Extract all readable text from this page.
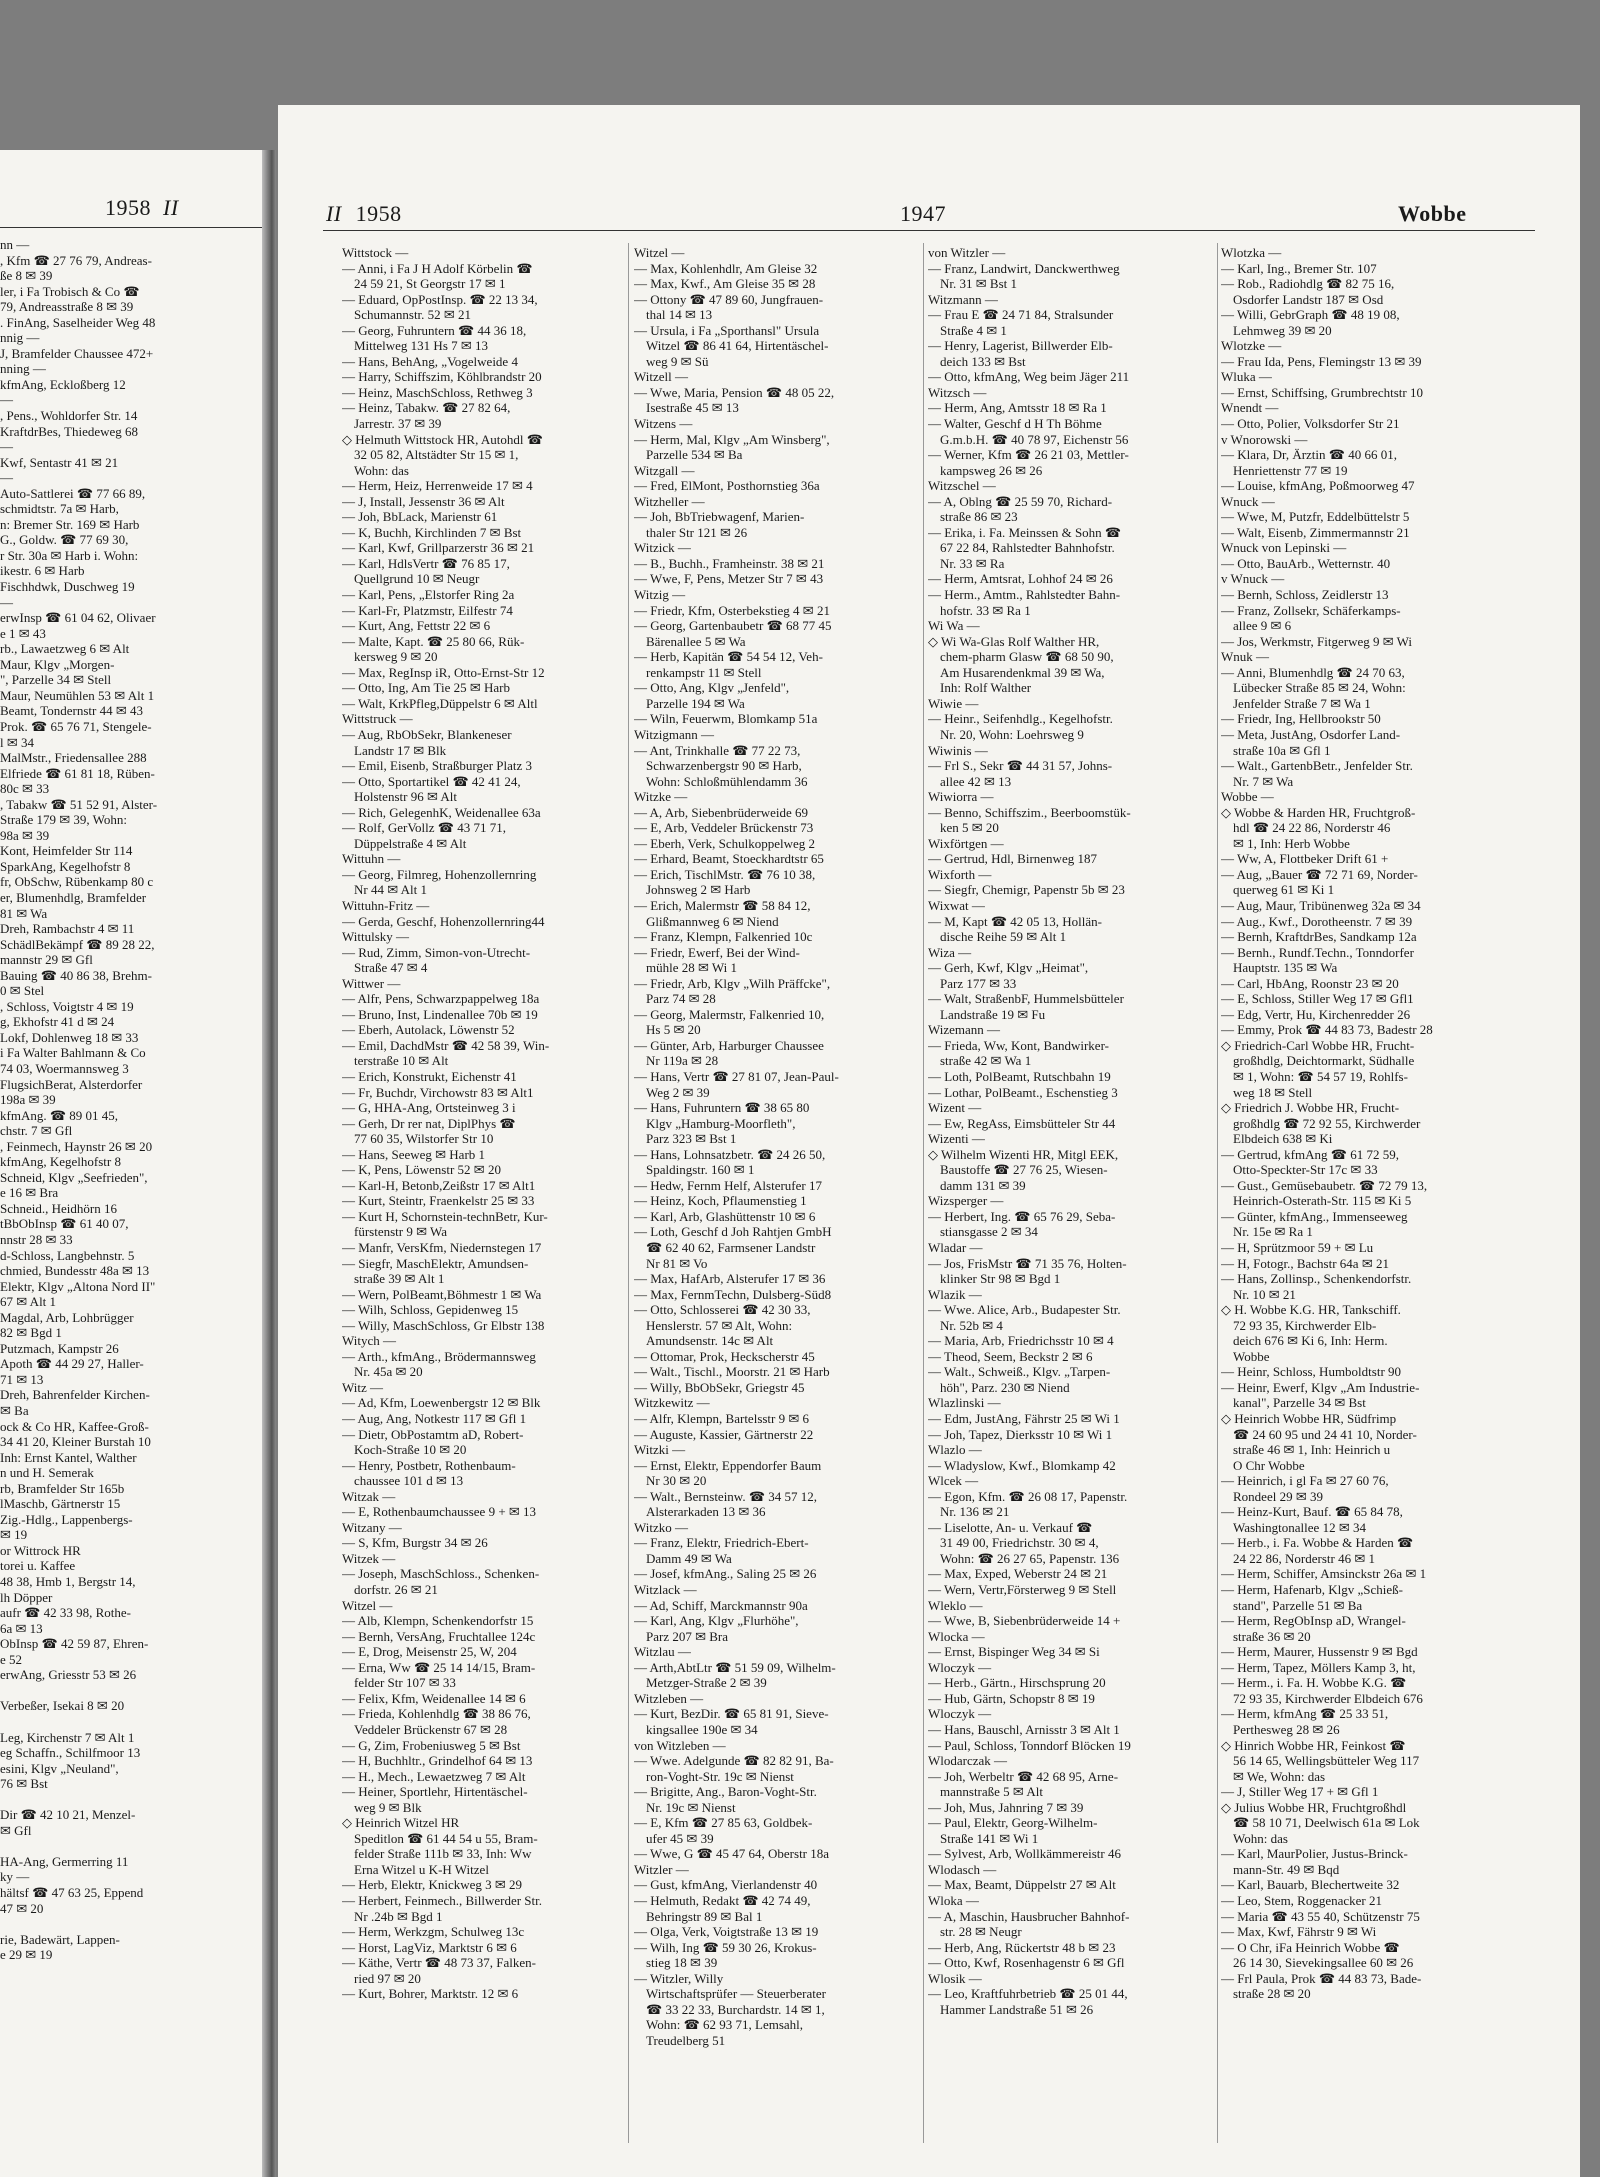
1958 II
nn —
, Kfm ☎ 27 76 79, Andreas-
ße 8 ✉ 39
ler, i Fa Trobisch & Co ☎
79, Andreasstraße 8 ✉ 39
. FinAng, Saselheider Weg 48
nnig —
J, Bramfelder Chaussee 472+
nning —
kfmAng, Eckloßberg 12
—
, Pens., Wohldorfer Str. 14
KraftdrBes, Thiedeweg 68
—
Kwf, Sentastr 41 ✉ 21
—
Auto-Sattlerei ☎ 77 66 89,
schmidtstr. 7a ✉ Harb,
n: Bremer Str. 169 ✉ Harb
G., Goldw. ☎ 77 69 30,
r Str. 30a ✉ Harb i. Wohn:
ikestr. 6 ✉ Harb
Fischhdwk, Duschweg 19
—
erwInsp ☎ 61 04 62, Olivaer
e 1 ✉ 43
rb., Lawaetzweg 6 ✉ Alt
Maur, Klgv „Morgen-
", Parzelle 34 ✉ Stell
Maur, Neumühlen 53 ✉ Alt 1
Beamt, Tondernstr 44 ✉ 43
Prok. ☎ 65 76 71, Stengele-
l ✉ 34
MalMstr., Friedensallee 288
Elfriede ☎ 61 81 18, Rüben-
80c ✉ 33
, Tabakw ☎ 51 52 91, Alster-
Straße 179 ✉ 39, Wohn:
98a ✉ 39
Kont, Heimfelder Str 114
SparkAng, Kegelhofstr 8
fr, ObSchw, Rübenkamp 80 c
er, Blumenhdlg, Bramfelder
81 ✉ Wa
Dreh, Rambachstr 4 ✉ 11
SchädlBekämpf ☎ 89 28 22,
mannstr 29 ✉ Gfl
Bauing ☎ 40 86 38, Brehm-
0 ✉ Stel
, Schloss, Voigtstr 4 ✉ 19
g, Ekhofstr 41 d ✉ 24
Lokf, Dohlenweg 18 ✉ 33
i Fa Walter Bahlmann & Co
74 03, Woermannsweg 3
FlugsichBerat, Alsterdorfer
198a ✉ 39
kfmAng. ☎ 89 01 45,
chstr. 7 ✉ Gfl
, Feinmech, Haynstr 26 ✉ 20
kfmAng, Kegelhofstr 8
Schneid, Klgv „Seefrieden",
e 16 ✉ Bra
Schneid., Heidhörn 16
tBbObInsp ☎ 61 40 07,
nnstr 28 ✉ 33
d-Schloss, Langbehnstr. 5
chmied, Bundesstr 48a ✉ 13
Elektr, Klgv „Altona Nord II"
67 ✉ Alt 1
Magdal, Arb, Lohbrügger
82 ✉ Bgd 1
Putzmach, Kampstr 26
Apoth ☎ 44 29 27, Haller-
71 ✉ 13
Dreh, Bahrenfelder Kirchen-
✉ Ba
ock & Co HR, Kaffee-Groß-
34 41 20, Kleiner Burstah 10
Inh: Ernst Kantel, Walther
n und H. Semerak
rb, Bramfelder Str 165b
lMaschb, Gärtnerstr 15
Zig.-Hdlg., Lappenbergs-
✉ 19
or Wittrock HR
torei u. Kaffee
48 38, Hmb 1, Bergstr 14,
lh Döpper
aufr ☎ 42 33 98, Rothe-
6a ✉ 13
ObInsp ☎ 42 59 87, Ehren-
e 52
erwAng, Griesstr 53 ✉ 26

Verbeßer, Isekai 8 ✉ 20

Leg, Kirchenstr 7 ✉ Alt 1
eg Schaffn., Schilfmoor 13
esini, Klgv „Neuland",
76 ✉ Bst

Dir ☎ 42 10 21, Menzel-
✉ Gfl

HA-Ang, Germerring 11
ky —
hältsf ☎ 47 63 25, Eppend
47 ✉ 20

rie, Badewärt, Lappen-
e 29 ✉ 19
II 1958	1947	Wobbe
Wittstock —
— Anni, i Fa J H Adolf Körbelin ☎
24 59 21, St Georgstr 17 ✉ 1
— Eduard, OpPostInsp. ☎ 22 13 34,
Schumannstr. 52 ✉ 21
— Georg, Fuhruntern ☎ 44 36 18,
Mittelweg 131 Hs 7 ✉ 13
— Hans, BehAng, „Vogelweide 4
— Harry, Schiffszim, Köhlbrandstr 20
— Heinz, MaschSchloss, Rethweg 3
— Heinz, Tabakw. ☎ 27 82 64,
Jarrestr. 37 ✉ 39
◇ Helmuth Wittstock HR, Autohdl ☎
32 05 82, Altstädter Str 15 ✉ 1,
Wohn: das
— Herm, Heiz, Herrenweide 17 ✉ 4
— J, Install, Jessenstr 36 ✉ Alt
— Joh, BbLack, Marienstr 61
— K, Buchh, Kirchlinden 7 ✉ Bst
— Karl, Kwf, Grillparzerstr 36 ✉ 21
— Karl, HdlsVertr ☎ 76 85 17,
Quellgrund 10 ✉ Neugr
— Karl, Pens, „Elstorfer Ring 2a
— Karl-Fr, Platzmstr, Eilfestr 74
— Kurt, Ang, Fettstr 22 ✉ 6
— Malte, Kapt. ☎ 25 80 66, Rük-
kersweg 9 ✉ 20
— Max, RegInsp iR, Otto-Ernst-Str 12
— Otto, Ing, Am Tie 25 ✉ Harb
— Walt, KrkPfleg,Düppelstr 6 ✉ Altl
Wittstruck —
— Aug, RbObSekr, Blankeneser
Landstr 17 ✉ Blk
— Emil, Eisenb, Straßburger Platz 3
— Otto, Sportartikel ☎ 42 41 24,
Holstenstr 96 ✉ Alt
— Rich, GelegenhK, Weidenallee 63a
— Rolf, GerVollz ☎ 43 71 71,
Düppelstraße 4 ✉ Alt
Wittuhn —
— Georg, Filmreg, Hohenzollernring
Nr 44 ✉ Alt 1
Wittuhn-Fritz —
— Gerda, Geschf, Hohenzollernring44
Wittulsky —
— Rud, Zimm, Simon-von-Utrecht-
Straße 47 ✉ 4
Wittwer —
— Alfr, Pens, Schwarzpappelweg 18a
— Bruno, Inst, Lindenallee 70b ✉ 19
— Eberh, Autolack, Löwenstr 52
— Emil, DachdMstr ☎ 42 58 39, Win-
terstraße 10 ✉ Alt
— Erich, Konstrukt, Eichenstr 41
— Fr, Buchdr, Virchowstr 83 ✉ Alt1
— G, HHA-Ang, Ortsteinweg 3 i
— Gerh, Dr rer nat, DiplPhys ☎
77 60 35, Wilstorfer Str 10
— Hans, Seeweg ✉ Harb 1
— K, Pens, Löwenstr 52 ✉ 20
— Karl-H, Betonb,Zeißstr 17 ✉ Alt1
— Kurt, Steintr, Fraenkelstr 25 ✉ 33
— Kurt H, Schornstein-technBetr, Kur-
fürstenstr 9 ✉ Wa
— Manfr, VersKfm, Niedernstegen 17
— Siegfr, MaschElektr, Amundsen-
straße 39 ✉ Alt 1
— Wern, PolBeamt,Böhmestr 1 ✉ Wa
— Wilh, Schloss, Gepidenweg 15
— Willy, MaschSchloss, Gr Elbstr 138
Witych —
— Arth., kfmAng., Brödermannsweg
Nr. 45a ✉ 20
Witz —
— Ad, Kfm, Loewenbergstr 12 ✉ Blk
— Aug, Ang, Notkestr 117 ✉ Gfl 1
— Dietr, ObPostamtm aD, Robert-
Koch-Straße 10 ✉ 20
— Henry, Postbetr, Rothenbaum-
chaussee 101 d ✉ 13
Witzak —
— E, Rothenbaumchaussee 9 + ✉ 13
Witzany —
— S, Kfm, Burgstr 34 ✉ 26
Witzek —
— Joseph, MaschSchloss., Schenken-
dorfstr. 26 ✉ 21
Witzel —
— Alb, Klempn, Schenkendorfstr 15
— Bernh, VersAng, Fruchtallee 124c
— E, Drog, Meisenstr 25, W, 204
— Erna, Ww ☎ 25 14 14/15, Bram-
felder Str 107 ✉ 33
— Felix, Kfm, Weidenallee 14 ✉ 6
— Frieda, Kohlenhdlg ☎ 38 86 76,
Veddeler Brückenstr 67 ✉ 28
— G, Zim, Frobeniusweg 5 ✉ Bst
— H, Buchhltr., Grindelhof 64 ✉ 13
— H., Mech., Lewaetzweg 7 ✉ Alt
— Heiner, Sportlehr, Hirtentäschel-
weg 9 ✉ Blk
◇ Heinrich Witzel HR
Speditlon ☎ 61 44 54 u 55, Bram-
felder Straße 111b ✉ 33, Inh: Ww
Erna Witzel u K-H Witzel
— Herb, Elektr, Knickweg 3 ✉ 29
— Herbert, Feinmech., Billwerder Str.
Nr .24b ✉ Bgd 1
— Herm, Werkzgm, Schulweg 13c
— Horst, LagViz, Marktstr 6 ✉ 6
— Käthe, Vertr ☎ 48 73 37, Falken-
ried 97 ✉ 20
— Kurt, Bohrer, Marktstr. 12 ✉ 6
Witzel —
— Max, Kohlenhdlr, Am Gleise 32
— Max, Kwf., Am Gleise 35 ✉ 28
— Ottony ☎ 47 89 60, Jungfrauen-
thal 14 ✉ 13
— Ursula, i Fa „Sporthansl" Ursula
Witzel ☎ 86 41 64, Hirtentäschel-
weg 9 ✉ Sü
Witzell —
— Wwe, Maria, Pension ☎ 48 05 22,
Isestraße 45 ✉ 13
Witzens —
— Herm, Mal, Klgv „Am Winsberg",
Parzelle 534 ✉ Ba
Witzgall —
— Fred, ElMont, Posthornstieg 36a
Witzheller —
— Joh, BbTriebwagenf, Marien-
thaler Str 121 ✉ 26
Witzick —
— B., Buchh., Framheinstr. 38 ✉ 21
— Wwe, F, Pens, Metzer Str 7 ✉ 43
Witzig —
— Friedr, Kfm, Osterbekstieg 4 ✉ 21
— Georg, Gartenbaubetr ☎ 68 77 45
Bärenallee 5 ✉ Wa
— Herb, Kapitän ☎ 54 54 12, Veh-
renkampstr 11 ✉ Stell
— Otto, Ang, Klgv „Jenfeld",
Parzelle 194 ✉ Wa
— Wiln, Feuerwm, Blomkamp 51a
Witzigmann —
— Ant, Trinkhalle ☎ 77 22 73,
Schwarzenbergstr 90 ✉ Harb,
Wohn: Schloßmühlendamm 36
Witzke —
— A, Arb, Siebenbrüderweide 69
— E, Arb, Veddeler Brückenstr 73
— Eberh, Verk, Schulkoppelweg 2
— Erhard, Beamt, Stoeckhardtstr 65
— Erich, TischlMstr. ☎ 76 10 38,
Johnsweg 2 ✉ Harb
— Erich, Malermstr ☎ 58 84 12,
Glißmannweg 6 ✉ Niend
— Franz, Klempn, Falkenried 10c
— Friedr, Ewerf, Bei der Wind-
mühle 28 ✉ Wi 1
— Friedr, Arb, Klgv „Wilh Präffcke",
Parz 74 ✉ 28
— Georg, Malermstr, Falkenried 10,
Hs 5 ✉ 20
— Günter, Arb, Harburger Chaussee
Nr 119a ✉ 28
— Hans, Vertr ☎ 27 81 07, Jean-Paul-
Weg 2 ✉ 39
— Hans, Fuhruntern ☎ 38 65 80
Klgv „Hamburg-Moorfleth",
Parz 323 ✉ Bst 1
— Hans, Lohnsatzbetr. ☎ 24 26 50,
Spaldingstr. 160 ✉ 1
— Hedw, Fernm Helf, Alsterufer 17
— Heinz, Koch, Pflaumenstieg 1
— Karl, Arb, Glashüttenstr 10 ✉ 6
— Loth, Geschf d Joh Rahtjen GmbH
☎ 62 40 62, Farmsener Landstr
Nr 81 ✉ Vo
— Max, HafArb, Alsterufer 17 ✉ 36
— Max, FernmTechn, Dulsberg-Süd8
— Otto, Schlosserei ☎ 42 30 33,
Henslerstr. 57 ✉ Alt, Wohn:
Amundsenstr. 14c ✉ Alt
— Ottomar, Prok, Heckscherstr 45
— Walt., Tischl., Moorstr. 21 ✉ Harb
— Willy, BbObSekr, Griegstr 45
Witzkewitz —
— Alfr, Klempn, Bartelsstr 9 ✉ 6
— Auguste, Kassier, Gärtnerstr 22
Witzki —
— Ernst, Elektr, Eppendorfer Baum
Nr 30 ✉ 20
— Walt., Bernsteinw. ☎ 34 57 12,
Alsterarkaden 13 ✉ 36
Witzko —
— Franz, Elektr, Friedrich-Ebert-
Damm 49 ✉ Wa
— Josef, kfmAng., Saling 25 ✉ 26
Witzlack —
— Ad, Schiff, Marckmannstr 90a
— Karl, Ang, Klgv „Flurhöhe",
Parz 207 ✉ Bra
Witzlau —
— Arth,AbtLtr ☎ 51 59 09, Wilhelm-
Metzger-Straße 2 ✉ 39
Witzleben —
— Kurt, BezDir. ☎ 65 81 91, Sieve-
kingsallee 190e ✉ 34
von Witzleben —
— Wwe. Adelgunde ☎ 82 82 91, Ba-
ron-Voght-Str. 19c ✉ Nienst
— Brigitte, Ang., Baron-Voght-Str.
Nr. 19c ✉ Nienst
— E, Kfm ☎ 27 85 63, Goldbek-
ufer 45 ✉ 39
— Wwe, G ☎ 45 47 64, Oberstr 18a
Witzler —
— Gust, kfmAng, Vierlandenstr 40
— Helmuth, Redakt ☎ 42 74 49,
Behringstr 89 ✉ Bal 1
— Olga, Verk, Voigtstraße 13 ✉ 19
— Wilh, Ing ☎ 59 30 26, Krokus-
stieg 18 ✉ 39
— Witzler, Willy
Wirtschaftsprüfer — Steuerberater
☎ 33 22 33, Burchardstr. 14 ✉ 1,
Wohn: ☎ 62 93 71, Lemsahl,
Treudelberg 51
von Witzler —
— Franz, Landwirt, Danckwerthweg
Nr. 31 ✉ Bst 1
Witzmann —
— Frau E ☎ 24 71 84, Stralsunder
Straße 4 ✉ 1
— Henry, Lagerist, Billwerder Elb-
deich 133 ✉ Bst
— Otto, kfmAng, Weg beim Jäger 211
Witzsch —
— Herm, Ang, Amtsstr 18 ✉ Ra 1
— Walter, Geschf d H Th Böhme
G.m.b.H. ☎ 40 78 97, Eichenstr 56
— Werner, Kfm ☎ 26 21 03, Mettler-
kampsweg 26 ✉ 26
Witzschel —
— A, Oblng ☎ 25 59 70, Richard-
straße 86 ✉ 23
— Erika, i. Fa. Meinssen & Sohn ☎
67 22 84, Rahlstedter Bahnhofstr.
Nr. 33 ✉ Ra
— Herm, Amtsrat, Lohhof 24 ✉ 26
— Herm., Amtm., Rahlstedter Bahn-
hofstr. 33 ✉ Ra 1
Wi Wa —
◇ Wi Wa-Glas Rolf Walther HR,
chem-pharm Glasw ☎ 68 50 90,
Am Husarendenkmal 39 ✉ Wa,
Inh: Rolf Walther
Wiwie —
— Heinr., Seifenhdlg., Kegelhofstr.
Nr. 20, Wohn: Loehrsweg 9
Wiwinis —
— Frl S., Sekr ☎ 44 31 57, Johns-
allee 42 ✉ 13
Wiwiorra —
— Benno, Schiffszim., Beerboomstük-
ken 5 ✉ 20
Wixförtgen —
— Gertrud, Hdl, Birnenweg 187
Wixforth —
— Siegfr, Chemigr, Papenstr 5b ✉ 23
Wixwat —
— M, Kapt ☎ 42 05 13, Hollän-
dische Reihe 59 ✉ Alt 1
Wiza —
— Gerh, Kwf, Klgv „Heimat",
Parz 177 ✉ 33
— Walt, StraßenbF, Hummelsbütteler
Landstraße 19 ✉ Fu
Wizemann —
— Frieda, Ww, Kont, Bandwirker-
straße 42 ✉ Wa 1
— Loth, PolBeamt, Rutschbahn 19
— Lothar, PolBeamt., Eschenstieg 3
Wizent —
— Ew, RegAss, Eimsbütteler Str 44
Wizenti —
◇ Wilhelm Wizenti HR, Mitgl EEK,
Baustoffe ☎ 27 76 25, Wiesen-
damm 131 ✉ 39
Wizsperger —
— Herbert, Ing. ☎ 65 76 29, Seba-
stiansgasse 2 ✉ 34
Wladar —
— Jos, FrisMstr ☎ 71 35 76, Holten-
klinker Str 98 ✉ Bgd 1
Wlazik —
— Wwe. Alice, Arb., Budapester Str.
Nr. 52b ✉ 4
— Maria, Arb, Friedrichsstr 10 ✉ 4
— Theod, Seem, Beckstr 2 ✉ 6
— Walt., Schweiß., Klgv. „Tarpen-
höh", Parz. 230 ✉ Niend
Wlazlinski —
— Edm, JustAng, Fährstr 25 ✉ Wi 1
— Joh, Tapez, Dierksstr 10 ✉ Wi 1
Wlazlo —
— Wladyslow, Kwf., Blomkamp 42
Wlcek —
— Egon, Kfm. ☎ 26 08 17, Papenstr.
Nr. 136 ✉ 21
— Liselotte, An- u. Verkauf ☎
31 49 00, Friedrichstr. 30 ✉ 4,
Wohn: ☎ 26 27 65, Papenstr. 136
— Max, Exped, Weberstr 24 ✉ 21
— Wern, Vertr,Försterweg 9 ✉ Stell
Wleklo —
— Wwe, B, Siebenbrüderweide 14 +
Wlocka —
— Ernst, Bispinger Weg 34 ✉ Si
Wloczyk —
— Herb., Gärtn., Hirschsprung 20
— Hub, Gärtn, Schopstr 8 ✉ 19
Wloczyk —
— Hans, Bauschl, Arnisstr 3 ✉ Alt 1
— Paul, Schloss, Tonndorf Blöcken 19
Wlodarczak —
— Joh, Werbeltr ☎ 42 68 95, Arne-
mannstraße 5 ✉ Alt
— Joh, Mus, Jahnring 7 ✉ 39
— Paul, Elektr, Georg-Wilhelm-
Straße 141 ✉ Wi 1
— Sylvest, Arb, Wollkämmereistr 46
Wlodasch —
— Max, Beamt, Düppelstr 27 ✉ Alt
Wloka —
— A, Maschin, Hausbrucher Bahnhof-
str. 28 ✉ Neugr
— Herb, Ang, Rückertstr 48 b ✉ 23
— Otto, Kwf, Rosenhagenstr 6 ✉ Gfl
Wlosik —
— Leo, Kraftfuhrbetrieb ☎ 25 01 44,
Hammer Landstraße 51 ✉ 26
Wlotzka —
— Karl, Ing., Bremer Str. 107
— Rob., Radiohdlg ☎ 82 75 16,
Osdorfer Landstr 187 ✉ Osd
— Willi, GebrGraph ☎ 48 19 08,
Lehmweg 39 ✉ 20
Wlotzke —
— Frau Ida, Pens, Flemingstr 13 ✉ 39
Wluka —
— Ernst, Schiffsing, Grumbrechtstr 10
Wnendt —
— Otto, Polier, Volksdorfer Str 21
v Wnorowski —
— Klara, Dr, Ärztin ☎ 40 66 01,
Henriettenstr 77 ✉ 19
— Louise, kfmAng, Poßmoorweg 47
Wnuck —
— Wwe, M, Putzfr, Eddelbüttelstr 5
— Walt, Eisenb, Zimmermannstr 21
Wnuck von Lepinski —
— Otto, BauArb., Wetternstr. 40
v Wnuck —
— Bernh, Schloss, Zeidlerstr 13
— Franz, Zollsekr, Schäferkamps-
allee 9 ✉ 6
— Jos, Werkmstr, Fitgerweg 9 ✉ Wi
Wnuk —
— Anni, Blumenhdlg ☎ 24 70 63,
Lübecker Straße 85 ✉ 24, Wohn:
Jenfelder Straße 7 ✉ Wa 1
— Friedr, Ing, Hellbrookstr 50
— Meta, JustAng, Osdorfer Land-
straße 10a ✉ Gfl 1
— Walt., GartenbBetr., Jenfelder Str.
Nr. 7 ✉ Wa
Wobbe —
◇ Wobbe & Harden HR, Fruchtgroß-
hdl ☎ 24 22 86, Norderstr 46
✉ 1, Inh: Herb Wobbe
— Ww, A, Flottbeker Drift 61 +
— Aug, „Bauer ☎ 72 71 69, Norder-
querweg 61 ✉ Ki 1
— Aug, Maur, Tribünenweg 32a ✉ 34
— Aug., Kwf., Dorotheenstr. 7 ✉ 39
— Bernh, KraftdrBes, Sandkamp 12a
— Bernh., Rundf.Techn., Tonndorfer
Hauptstr. 135 ✉ Wa
— Carl, HbAng, Roonstr 23 ✉ 20
— E, Schloss, Stiller Weg 17 ✉ Gfl1
— Edg, Vertr, Hu, Kirchenredder 26
— Emmy, Prok ☎ 44 83 73, Badestr 28
◇ Friedrich-Carl Wobbe HR, Frucht-
großhdlg, Deichtormarkt, Südhalle
✉ 1, Wohn: ☎ 54 57 19, Rohlfs-
weg 18 ✉ Stell
◇ Friedrich J. Wobbe HR, Frucht-
großhdlg ☎ 72 92 55, Kirchwerder
Elbdeich 638 ✉ Ki
— Gertrud, kfmAng ☎ 61 72 59,
Otto-Speckter-Str 17c ✉ 33
— Gust., Gemüsebaubetr. ☎ 72 79 13,
Heinrich-Osterath-Str. 115 ✉ Ki 5
— Günter, kfmAng., Immenseeweg
Nr. 15e ✉ Ra 1
— H, Sprützmoor 59 + ✉ Lu
— H, Fotogr., Bachstr 64a ✉ 21
— Hans, Zollinsp., Schenkendorfstr.
Nr. 10 ✉ 21
◇ H. Wobbe K.G. HR, Tankschiff.
72 93 35, Kirchwerder Elb-
deich 676 ✉ Ki 6, Inh: Herm.
Wobbe
— Heinr, Schloss, Humboldtstr 90
— Heinr, Ewerf, Klgv „Am Industrie-
kanal", Parzelle 34 ✉ Bst
◇ Heinrich Wobbe HR, Südfrimp
☎ 24 60 95 und 24 41 10, Norder-
straße 46 ✉ 1, Inh: Heinrich u
O Chr Wobbe
— Heinrich, i gl Fa ✉ 27 60 76,
Rondeel 29 ✉ 39
— Heinz-Kurt, Bauf. ☎ 65 84 78,
Washingtonallee 12 ✉ 34
— Herb., i. Fa. Wobbe & Harden ☎
24 22 86, Norderstr 46 ✉ 1
— Herm, Schiffer, Amsinckstr 26a ✉ 1
— Herm, Hafenarb, Klgv „Schieß-
stand", Parzelle 51 ✉ Ba
— Herm, RegObInsp aD, Wrangel-
straße 36 ✉ 20
— Herm, Maurer, Hussenstr 9 ✉ Bgd
— Herm, Tapez, Möllers Kamp 3, ht,
— Herm., i. Fa. H. Wobbe K.G. ☎
72 93 35, Kirchwerder Elbdeich 676
— Herm, kfmAng ☎ 25 33 51,
Perthesweg 28 ✉ 26
◇ Hinrich Wobbe HR, Feinkost ☎
56 14 65, Wellingsbütteler Weg 117
✉ We, Wohn: das
— J, Stiller Weg 17 + ✉ Gfl 1
◇ Julius Wobbe HR, Fruchtgroßhdl
☎ 58 10 71, Deelwisch 61a ✉ Lok
Wohn: das
— Karl, MaurPolier, Justus-Brinck-
mann-Str. 49 ✉ Bqd
— Karl, Bauarb, Blechertweite 32
— Leo, Stem, Roggenacker 21
— Maria ☎ 43 55 40, Schützenstr 75
— Max, Kwf, Fährstr 9 ✉ Wi
— O Chr, iFa Heinrich Wobbe ☎
26 14 30, Sievekingsallee 60 ✉ 26
— Frl Paula, Prok ☎ 44 83 73, Bade-
straße 28 ✉ 20
